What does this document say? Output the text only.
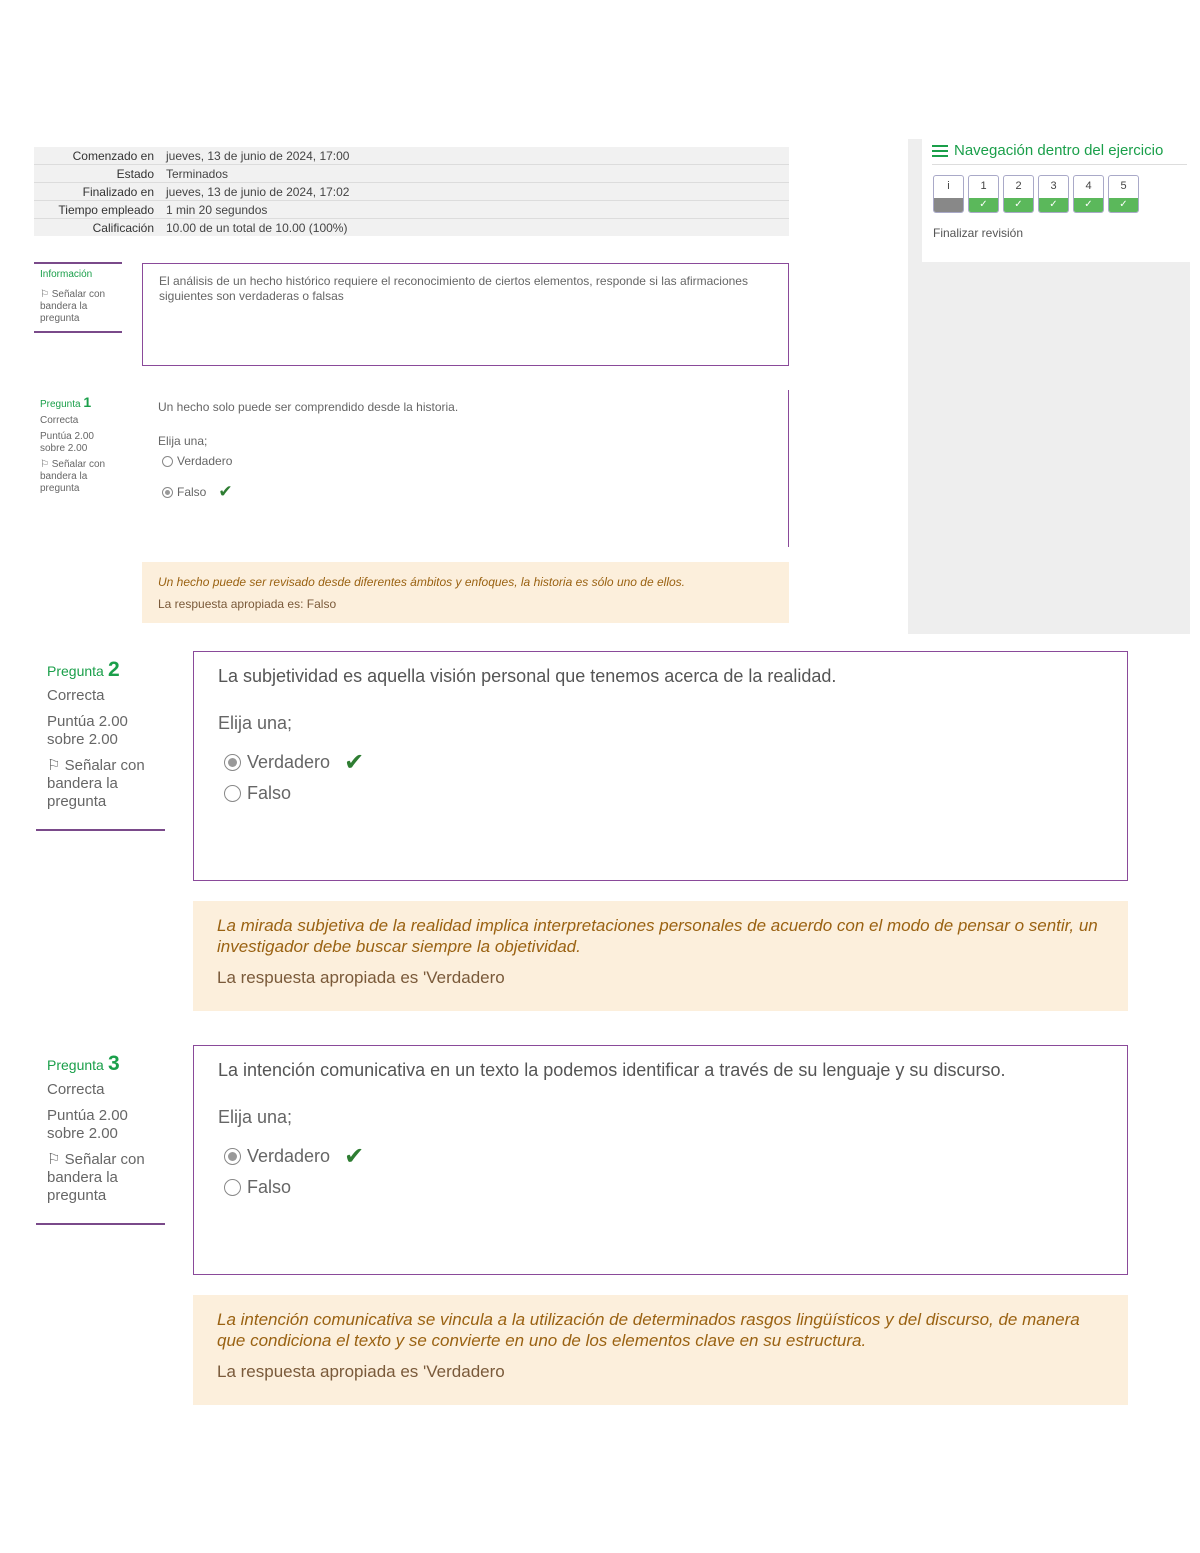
Comenzado en	jueves, 13 de junio de 2024, 17:00
Estado	Terminados
Finalizado en	jueves, 13 de junio de 2024, 17:02
Tiempo empleado	1 min 20 segundos
Calificación	10.00 de un total de 10.00 (100%)
Navegación dentro del ejercicio
i	1
✓
2
✓
3
✓
4
✓
5
✓
Finalizar revisión
Información
⚐ Señalar con bandera la pregunta
El análisis de un hecho histórico requiere el reconocimiento de ciertos elementos, responde si las afirmaciones siguientes son verdaderas o falsas
Pregunta 1
Correcta
Puntúa 2.00 sobre 2.00
⚐ Señalar con bandera la pregunta
Un hecho solo puede ser comprendido desde la historia.
Elija una;
Verdadero
Falso ✔
Un hecho puede ser revisado desde diferentes ámbitos y enfoques, la historia es sólo uno de ellos.
La respuesta apropiada es: Falso
Pregunta 2
Correcta
Puntúa 2.00 sobre 2.00
⚐ Señalar con bandera la pregunta
La subjetividad es aquella visión personal que tenemos acerca de la realidad.
Elija una;
Verdadero ✔
Falso
La mirada subjetiva de la realidad implica interpretaciones personales de acuerdo con el modo de pensar o sentir, un investigador debe buscar siempre la objetividad.
La respuesta apropiada es 'Verdadero
Pregunta 3
Correcta
Puntúa 2.00 sobre 2.00
⚐ Señalar con bandera la pregunta
La intención comunicativa en un texto la podemos identificar a través de su lenguaje y su discurso.
Elija una;
Verdadero ✔
Falso
La intención comunicativa se vincula a la utilización de determinados rasgos lingüísticos y del discurso, de manera que condiciona el texto y se convierte en uno de los elementos clave en su estructura.
La respuesta apropiada es 'Verdadero
